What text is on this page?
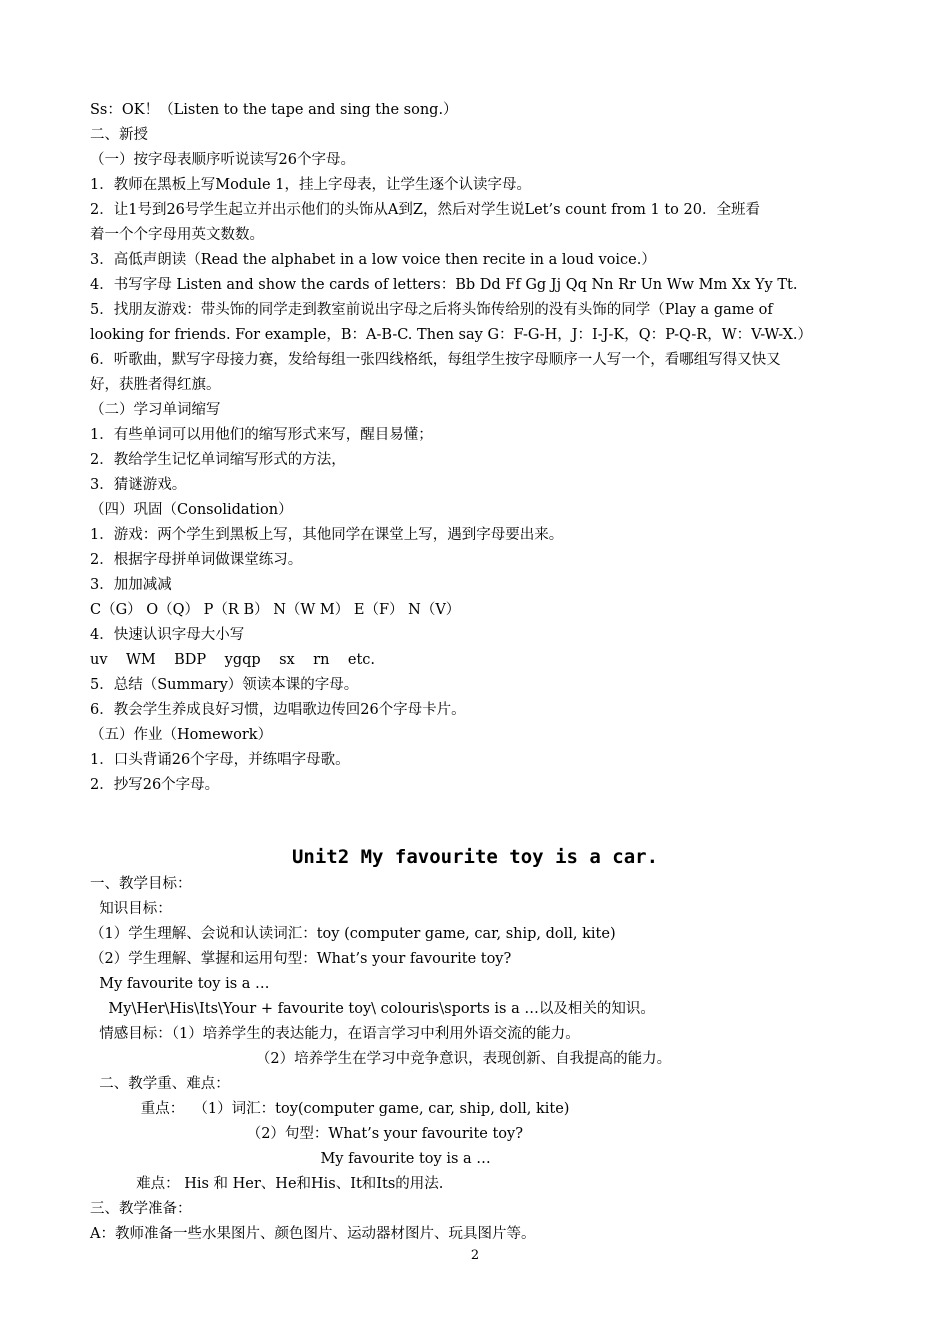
Ss：OK！（Listen to the tape and sing the song.）

二、新授

（一）按字母表顺序听说读写26个字母。

1．教师在黑板上写Module 1，挂上字母表，让学生逐个认读字母。

2．让1号到26号学生起立并出示他们的头饰从A到Z，然后对学生说Let’s count from 1 to 20．全班看

着一个个字母用英文数数。

3．高低声朗读（Read the alphabet in a low voice then recite in a loud voice.）

4．书写字母 Listen and show the cards of letters：Bb Dd Ff Gg Jj Qq Nn Rr Un Ww Mm Xx Yy Tt.

5．找朋友游戏：带头饰的同学走到教室前说出字母之后将头饰传给别的没有头饰的同学（Play a game of

looking for friends. For example，B：A-B-C. Then say G：F-G-H，J：I-J-K，Q：P-Q-R，W：V-W-X.）

6．听歌曲，默写字母接力赛，发给每组一张四线格纸，每组学生按字母顺序一人写一个，看哪组写得又快又

好，获胜者得红旗。

（二）学习单词缩写

1．有些单词可以用他们的缩写形式来写，醒目易懂；

2．教给学生记忆单词缩写形式的方法，

3．猜谜游戏。

（四）巩固（Consolidation）

1．游戏：两个学生到黑板上写，其他同学在课堂上写，遇到字母要出来。

2．根据字母拼单词做课堂练习。

3．加加减减

C（G） O（Q） P（R B） N（W M） E（F） N（V）

4．快速认识字母大小写

uv    WM    BDP    ygqp    sx    rn    etc.

5．总结（Summary）领读本课的字母。

6．教会学生养成良好习惯，边唱歌边传回26个字母卡片。

（五）作业（Homework）

1．口头背诵26个字母，并练唱字母歌。

2．抄写26个字母。

Unit2 My favourite toy is a car.

一、教学目标：

知识目标：

（1）学生理解、会说和认读词汇：toy (computer game, car, ship, doll, kite)

（2）学生理解、掌握和运用句型：What’s your favourite toy?

My favourite toy is a …

My\Her\His\Its\Your + favourite toy\ colouris\sports is a …以及相关的知识。

情感目标：（1）培养学生的表达能力，在语言学习中利用外语交流的能力。

（2）培养学生在学习中竞争意识，表现创新、自我提高的能力。

二、教学重、难点：

重点：  （1）词汇：toy(computer game, car, ship, doll, kite)

（2）句型：What’s your favourite toy?

My favourite toy is a …

难点： His 和 Her、He和His、It和Its的用法.

三、教学准备：

A：教师准备一些水果图片、颜色图片、运动器材图片、玩具图片等。

2
